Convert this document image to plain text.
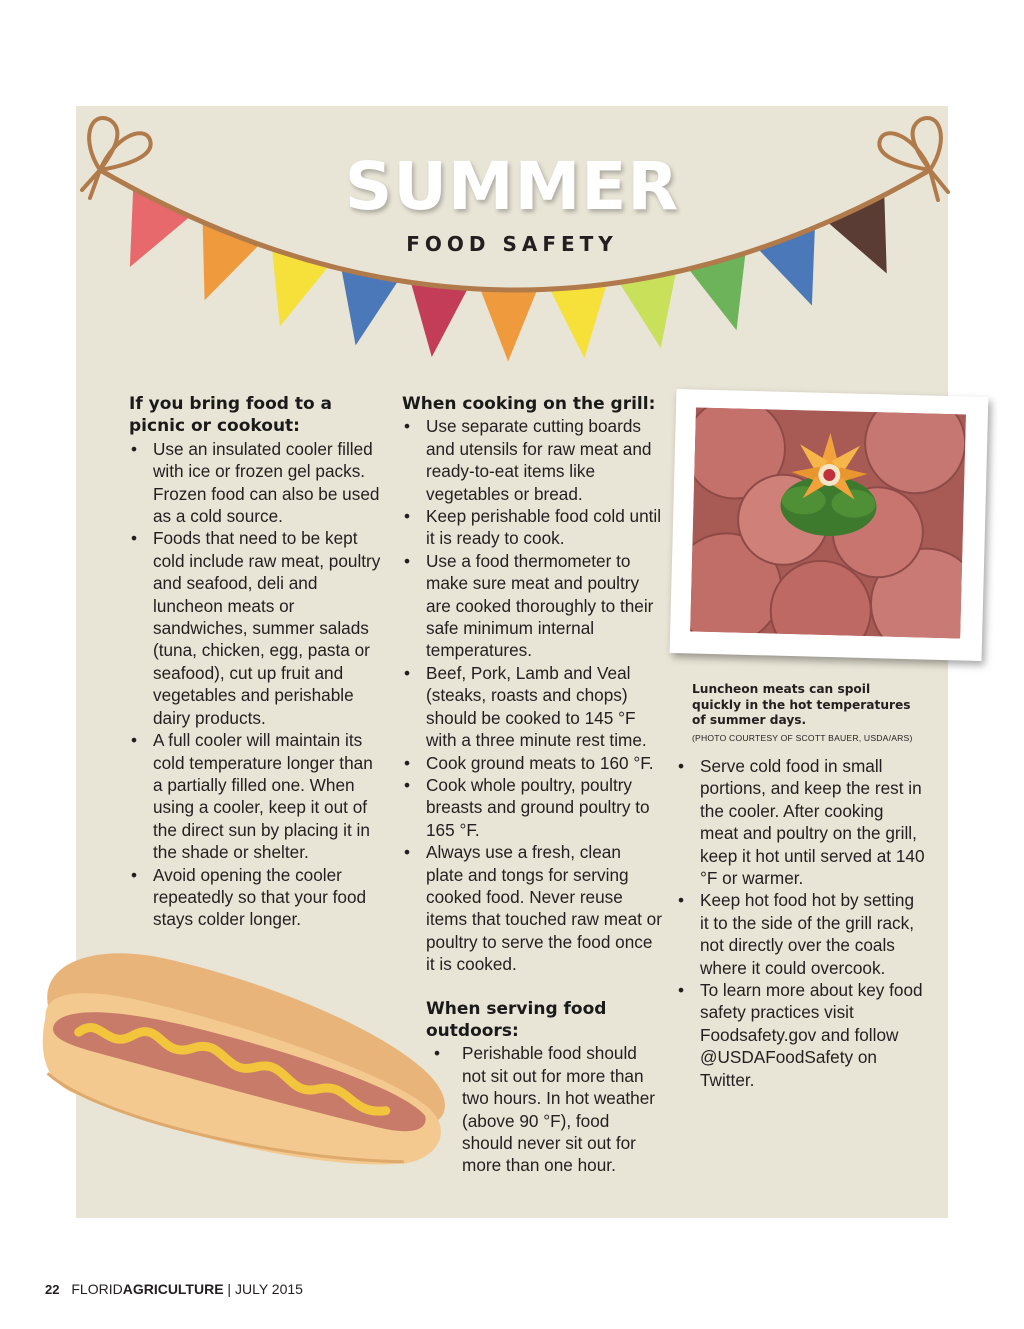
SUMMER
FOOD SAFETY
If you bring food to a picnic or cookout:
• Use an insulated cooler filled with ice or frozen gel packs. Frozen food can also be used as a cold source.
• Foods that need to be kept cold include raw meat, poultry and seafood, deli and luncheon meats or sandwiches, summer salads (tuna, chicken, egg, pasta or seafood), cut up fruit and vegetables and perishable dairy products.
• A full cooler will maintain its cold temperature longer than a partially filled one. When using a cooler, keep it out of the direct sun by placing it in the shade or shelter.
• Avoid opening the cooler repeatedly so that your food stays colder longer.
When cooking on the grill:
• Use separate cutting boards and utensils for raw meat and ready-to-eat items like vegetables or bread.
• Keep perishable food cold until it is ready to cook.
• Use a food thermometer to make sure meat and poultry are cooked thoroughly to their safe minimum internal temperatures.
• Beef, Pork, Lamb and Veal (steaks, roasts and chops) should be cooked to 145 °F with a three minute rest time.
• Cook ground meats to 160 °F.
• Cook whole poultry, poultry breasts and ground poultry to 165 °F.
• Always use a fresh, clean plate and tongs for serving cooked food. Never reuse items that touched raw meat or poultry to serve the food once it is cooked.
When serving food outdoors:
• Perishable food should not sit out for more than two hours. In hot weather (above 90 °F), food should never sit out for more than one hour.
Luncheon meats can spoil quickly in the hot temperatures of summer days.
(PHOTO COURTESY OF SCOTT BAUER, USDA/ARS)
• Serve cold food in small portions, and keep the rest in the cooler. After cooking meat and poultry on the grill, keep it hot until served at 140 °F or warmer.
• Keep hot food hot by setting it to the side of the grill rack, not directly over the coals where it could overcook.
• To learn more about key food safety practices visit Foodsafety.gov and follow @USDAFoodSafety on Twitter.
22 FLORIDAGRICULTURE | JULY 2015
